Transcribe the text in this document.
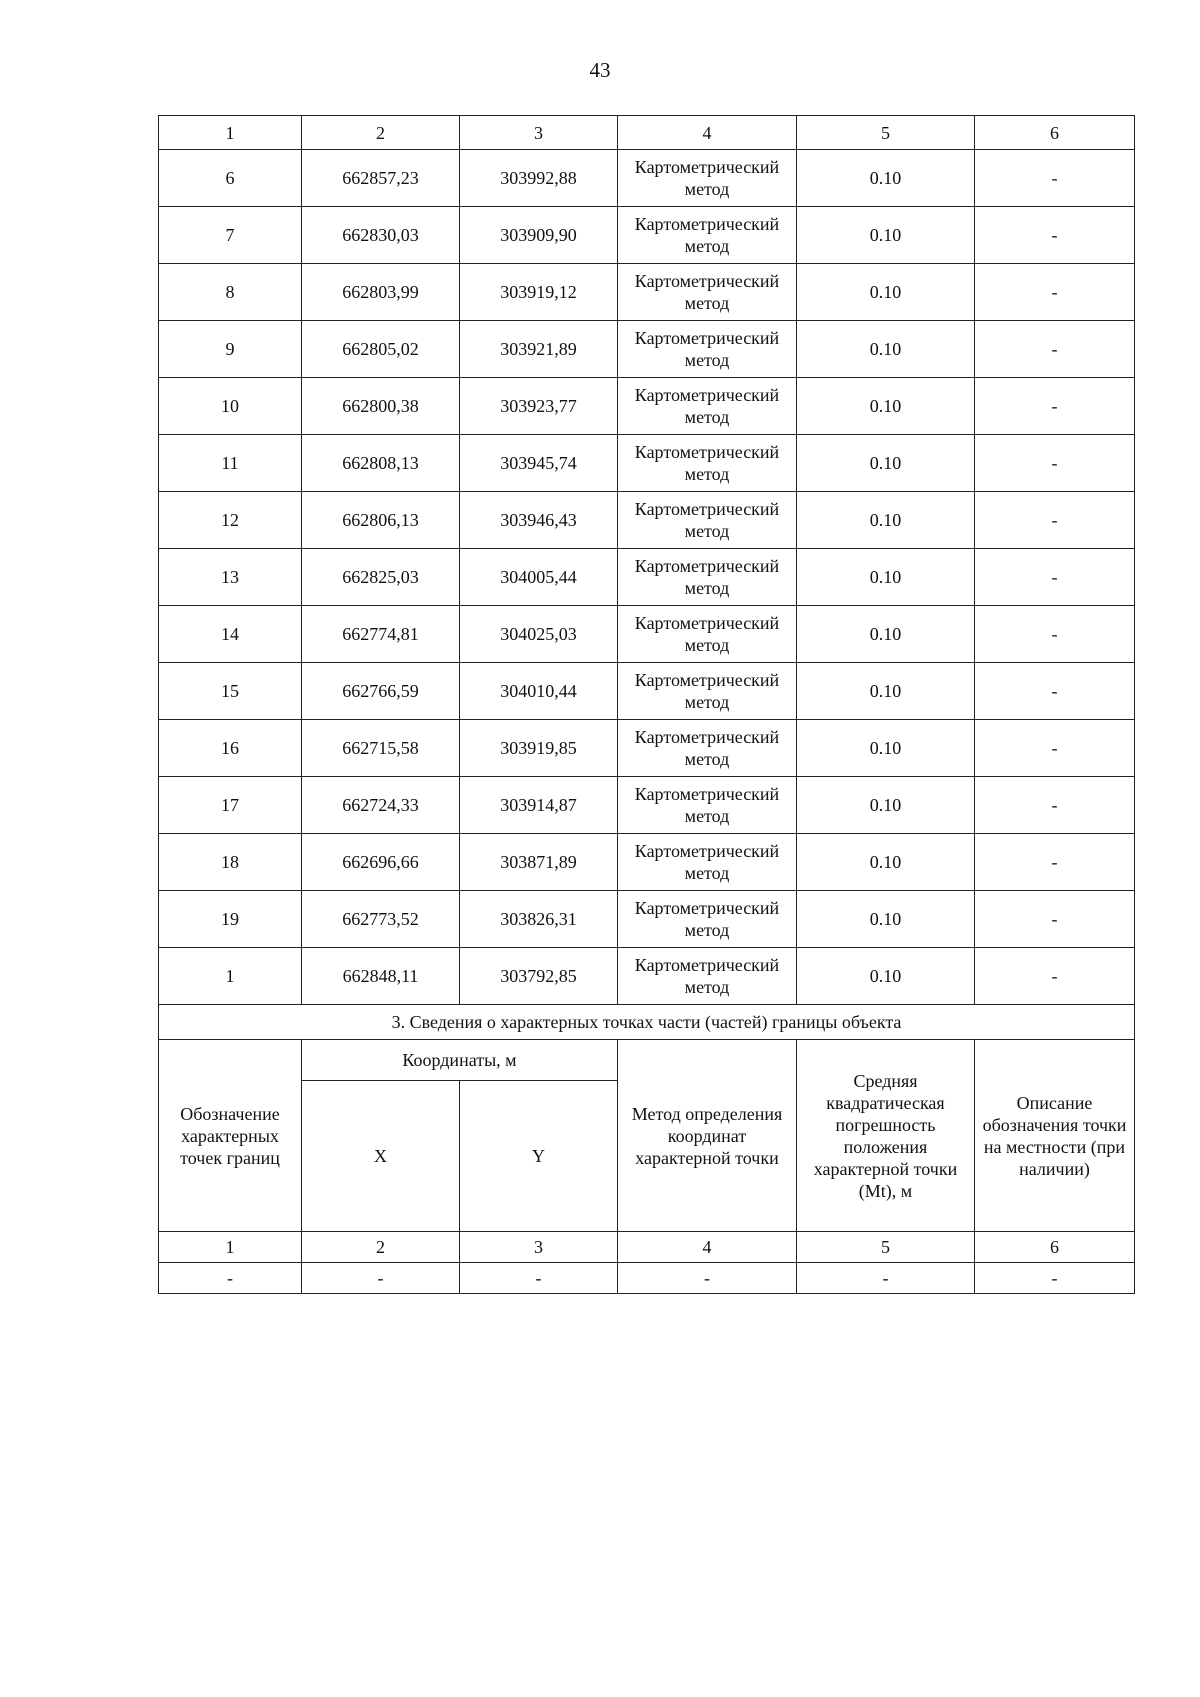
43
1	2	3	4	5	6
6	662857,23	303992,88	Картометрический метод	0.10	-
7	662830,03	303909,90	Картометрический метод	0.10	-
8	662803,99	303919,12	Картометрический метод	0.10	-
9	662805,02	303921,89	Картометрический метод	0.10	-
10	662800,38	303923,77	Картометрический метод	0.10	-
11	662808,13	303945,74	Картометрический метод	0.10	-
12	662806,13	303946,43	Картометрический метод	0.10	-
13	662825,03	304005,44	Картометрический метод	0.10	-
14	662774,81	304025,03	Картометрический метод	0.10	-
15	662766,59	304010,44	Картометрический метод	0.10	-
16	662715,58	303919,85	Картометрический метод	0.10	-
17	662724,33	303914,87	Картометрический метод	0.10	-
18	662696,66	303871,89	Картометрический метод	0.10	-
19	662773,52	303826,31	Картометрический метод	0.10	-
1	662848,11	303792,85	Картометрический метод	0.10	-
3. Сведения о характерных точках части (частей) границы объекта					
Обозначение характерных точек границ	Координаты, м		Метод определения координат характерной точки	Средняя квадратическая погрешность положения характерной точки (Mt), м	Описание обозначения точки на местности (при наличии)
	X	Y			
1	2	3	4	5	6
-	-	-	-	-	-
